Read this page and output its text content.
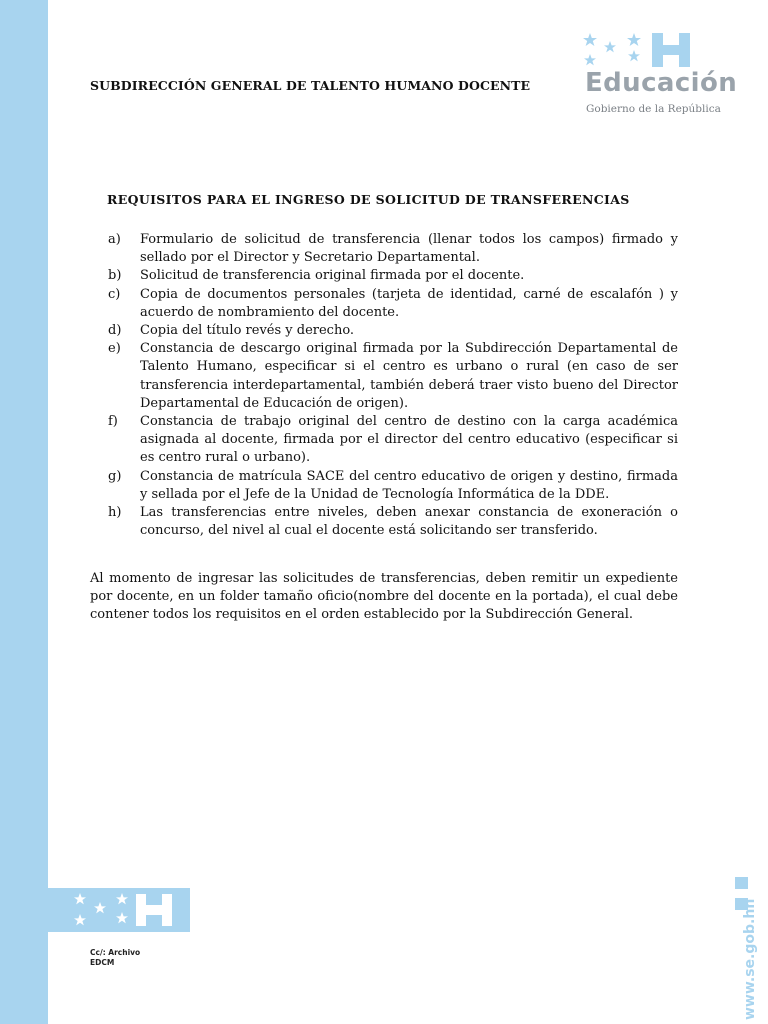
SUBDIRECCIÓN GENERAL DE TALENTO HUMANO DOCENTE Educación
Gobierno de la República
REQUISITOS PARA EL INGRESO DE SOLICITUD DE TRANSFERENCIAS
a)	Formulario de solicitud de transferencia (llenar todos los campos) firmado y sellado por el Director y Secretario Departamental.
b)	Solicitud de transferencia original firmada por el docente.
c)	Copia de documentos personales (tarjeta de identidad, carné de escalafón ) y acuerdo de nombramiento del docente.
d)	Copia del título revés y derecho.
e)	Constancia de descargo original firmada por la Subdirección Departamental de Talento Humano, especificar si el centro es urbano o rural (en caso de ser transferencia interdepartamental, también deberá traer visto bueno del Director Departamental de Educación de origen).
f)	Constancia de trabajo original del centro de destino con la carga académica asignada al docente, firmada por el director del centro educativo (especificar si es centro rural o urbano).
g)	Constancia de matrícula SACE del centro educativo de origen y destino, firmada y sellada por el Jefe de la Unidad de Tecnología Informática de la DDE.
h)	Las transferencias entre niveles, deben anexar constancia de exoneración o concurso, del nivel al cual el docente está solicitando ser transferido.

Al momento de ingresar las solicitudes de transferencias, deben remitir un expediente por docente, en un folder tamaño oficio(nombre del docente en la portada), el cual debe contener todos los requisitos en el orden establecido por la Subdirección General.

Cc/: Archivo
EDCM	www.se.gob.hn
